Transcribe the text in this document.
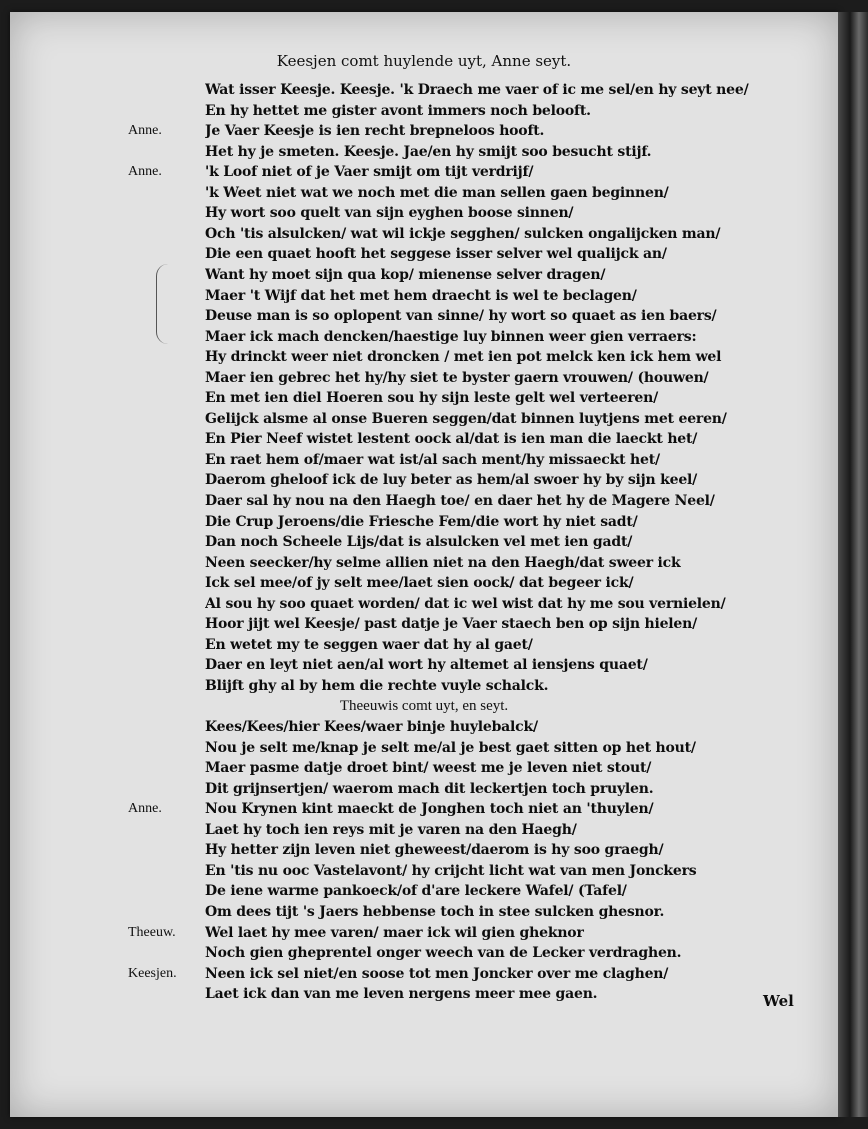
Keesjen comt huylende uyt, Anne seyt.
Wat isser Keesje. Keesje. 'k Draech me vaer of ic me sel/en hy seyt nee/
En hy hettet me gister avont immers noch belooft.
Anne.	Je Vaer Keesje is ien recht brepneloos hooft.
Het hy je smeten. Keesje. Jae/en hy smijt soo besucht stijf.
Anne.	'k Loof niet of je Vaer smijt om tijt verdrijf/
'k Weet niet wat we noch met die man sellen gaen beginnen/
Hy wort soo quelt van sijn eyghen boose sinnen/
Och 'tis alsulcken/ wat wil ickje segghen/ sulcken ongalijcken man/
Die een quaet hooft het seggese isser selver wel qualijck an/
Want hy moet sijn qua kop/ mienense selver dragen/
Maer 't Wijf dat het met hem draecht is wel te beclagen/
Deuse man is so oplopent van sinne/ hy wort so quaet as ien baers/
Maer ick mach dencken/haestige luy binnen weer gien verraers:
Hy drinckt weer niet droncken / met ien pot melck ken ick hem wel
Maer ien gebrec het hy/hy siet te byster gaern vrouwen/ (houwen/
En met ien diel Hoeren sou hy sijn leste gelt wel verteeren/
Gelijck alsme al onse Bueren seggen/dat binnen luytjens met eeren/
En Pier Neef wistet lestent oock al/dat is ien man die laeckt het/
En raet hem of/maer wat ist/al sach ment/hy missaeckt het/
Daerom gheloof ick de luy beter as hem/al swoer hy by sijn keel/
Daer sal hy nou na den Haegh toe/ en daer het hy de Magere Neel/
Die Crup Jeroens/die Friesche Fem/die wort hy niet sadt/
Dan noch Scheele Lijs/dat is alsulcken vel met ien gadt/
Neen seecker/hy selme allien niet na den Haegh/dat sweer ick
Ick sel mee/of jy selt mee/laet sien oock/ dat begeer ick/
Al sou hy soo quaet worden/ dat ic wel wist dat hy me sou vernielen/
Hoor jijt wel Keesje/ past datje je Vaer staech ben op sijn hielen/
En wetet my te seggen waer dat hy al gaet/
Daer en leyt niet aen/al wort hy altemet al iensjens quaet/
Blijft ghy al by hem die rechte vuyle schalck.
Theeuwis comt uyt, en seyt.
Kees/Kees/hier Kees/waer binje huylebalck/
Nou je selt me/knap je selt me/al je best gaet sitten op het hout/
Maer pasme datje droet bint/ weest me je leven niet stout/
Dit grijnsertjen/ waerom mach dit leckertjen toch pruylen.
Anne.	Nou Krynen kint maeckt de Jonghen toch niet an 'thuylen/
Laet hy toch ien reys mit je varen na den Haegh/
Hy hetter zijn leven niet gheweest/daerom is hy soo graegh/
En 'tis nu ooc Vastelavont/ hy crijcht licht wat van men Jonckers
De iene warme pankoeck/of d'are leckere Wafel/ (Tafel/
Om dees tijt 's Jaers hebbense toch in stee sulcken ghesnor.
Theeuw. Wel laet hy mee varen/ maer ick wil gien gheknor
Noch gien gheprentel onger weech van de Lecker verdraghen.
Keesjen. Neen ick sel niet/en soose tot men Joncker over me claghen/
Laet ick dan van me leven nergens meer mee gaen.	Wel
